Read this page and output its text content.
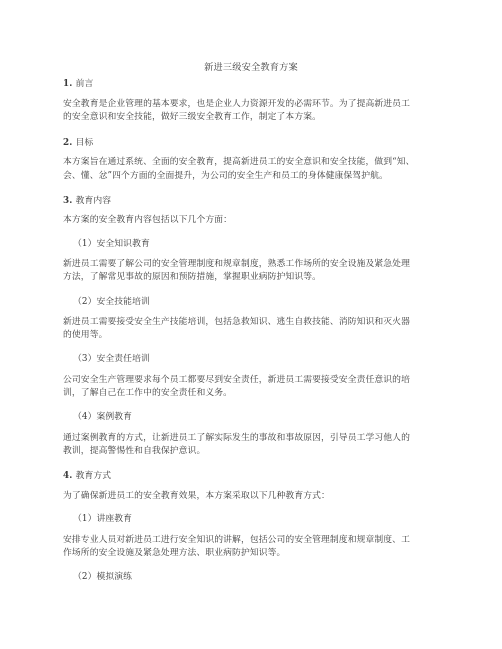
新进三级安全教育方案
1. 前言
安全教育是企业管理的基本要求，也是企业人力资源开发的必需环节。为了提高新进员工
的安全意识和安全技能，做好三级安全教育工作，制定了本方案。
2. 目标
本方案旨在通过系统、全面的安全教育，提高新进员工的安全意识和安全技能，做到“知、
会、懂、忿”四个方面的全面提升，为公司的安全生产和员工的身体健康保驾护航。
3. 教育内容
本方案的安全教育内容包括以下几个方面：
（1）安全知识教育
新进员工需要了解公司的安全管理制度和规章制度，熟悉工作场所的安全设施及紧急处理
方法，了解常见事故的原因和预防措施，掌握职业病防护知识等。
（2）安全技能培训
新进员工需要接受安全生产技能培训，包括急救知识、逃生自救技能、消防知识和灭火器
的使用等。
（3）安全责任培训
公司安全生产管理要求每个员工都要尽到安全责任，新进员工需要接受安全责任意识的培
训，了解自己在工作中的安全责任和义务。
（4）案例教育
通过案例教育的方式，让新进员工了解实际发生的事故和事故原因，引导员工学习他人的
教训，提高警惕性和自我保护意识。
4. 教育方式
为了确保新进员工的安全教育效果，本方案采取以下几种教育方式：
（1）讲座教育
安排专业人员对新进员工进行安全知识的讲解，包括公司的安全管理制度和规章制度、工
作场所的安全设施及紧急处理方法、职业病防护知识等。
（2）模拟演练
